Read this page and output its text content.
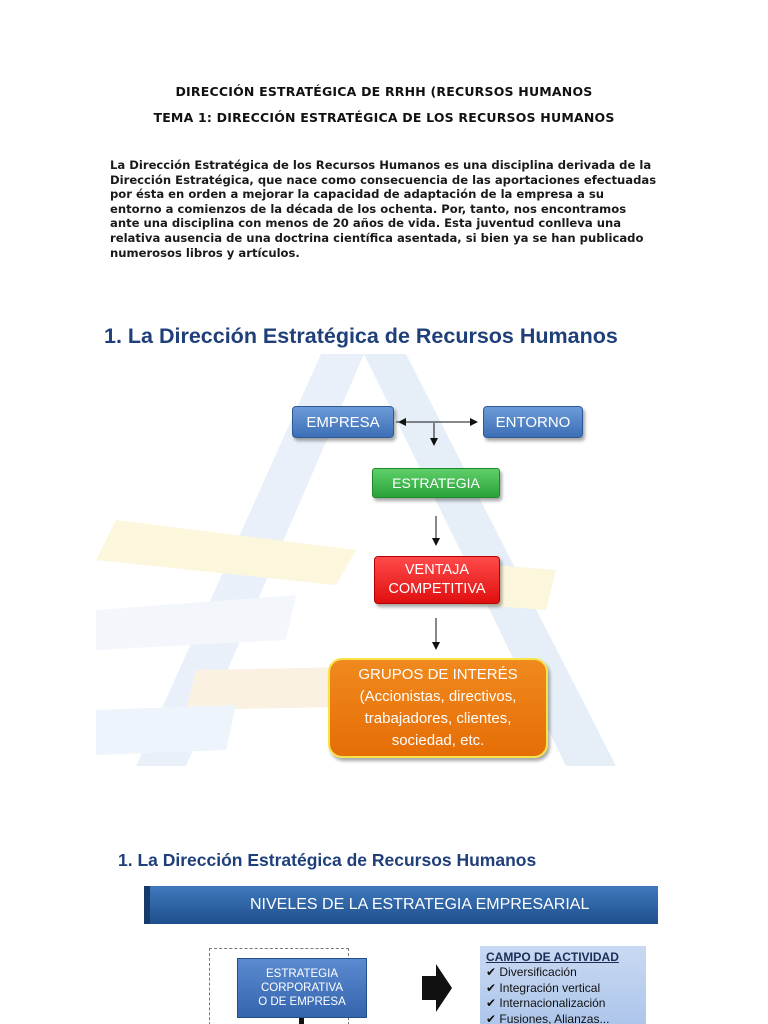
DIRECCIÓN ESTRATÉGICA DE RRHH (RECURSOS HUMANOS
TEMA 1: DIRECCIÓN ESTRATÉGICA DE LOS RECURSOS HUMANOS
La Dirección Estratégica de los Recursos Humanos es una disciplina derivada de la
Dirección Estratégica, que nace como consecuencia de las aportaciones efectuadas
por ésta en orden a mejorar la capacidad de adaptación de la empresa a su
entorno a comienzos de la década de los ochenta. Por, tanto, nos encontramos
ante una disciplina con menos de 20 años de vida. Esta juventud conlleva una
relativa ausencia de una doctrina científica asentada, si bien ya se han publicado
numerosos libros y artículos.
1. La Dirección Estratégica de Recursos Humanos
EMPRESA	ENTORNO
ESTRATEGIA
VENTAJA
COMPETITIVA
GRUPOS DE INTERÉS
(Accionistas, directivos,
trabajadores, clientes,
sociedad, etc.
1. La Dirección Estratégica de Recursos Humanos
NIVELES DE LA ESTRATEGIA EMPRESARIAL
ESTRATEGIA
CORPORATIVA
O DE EMPRESA
CAMPO DE ACTIVIDAD
✔ Diversificación
✔ Integración vertical
✔ Internacionalización
✔ Fusiones, Alianzas...
